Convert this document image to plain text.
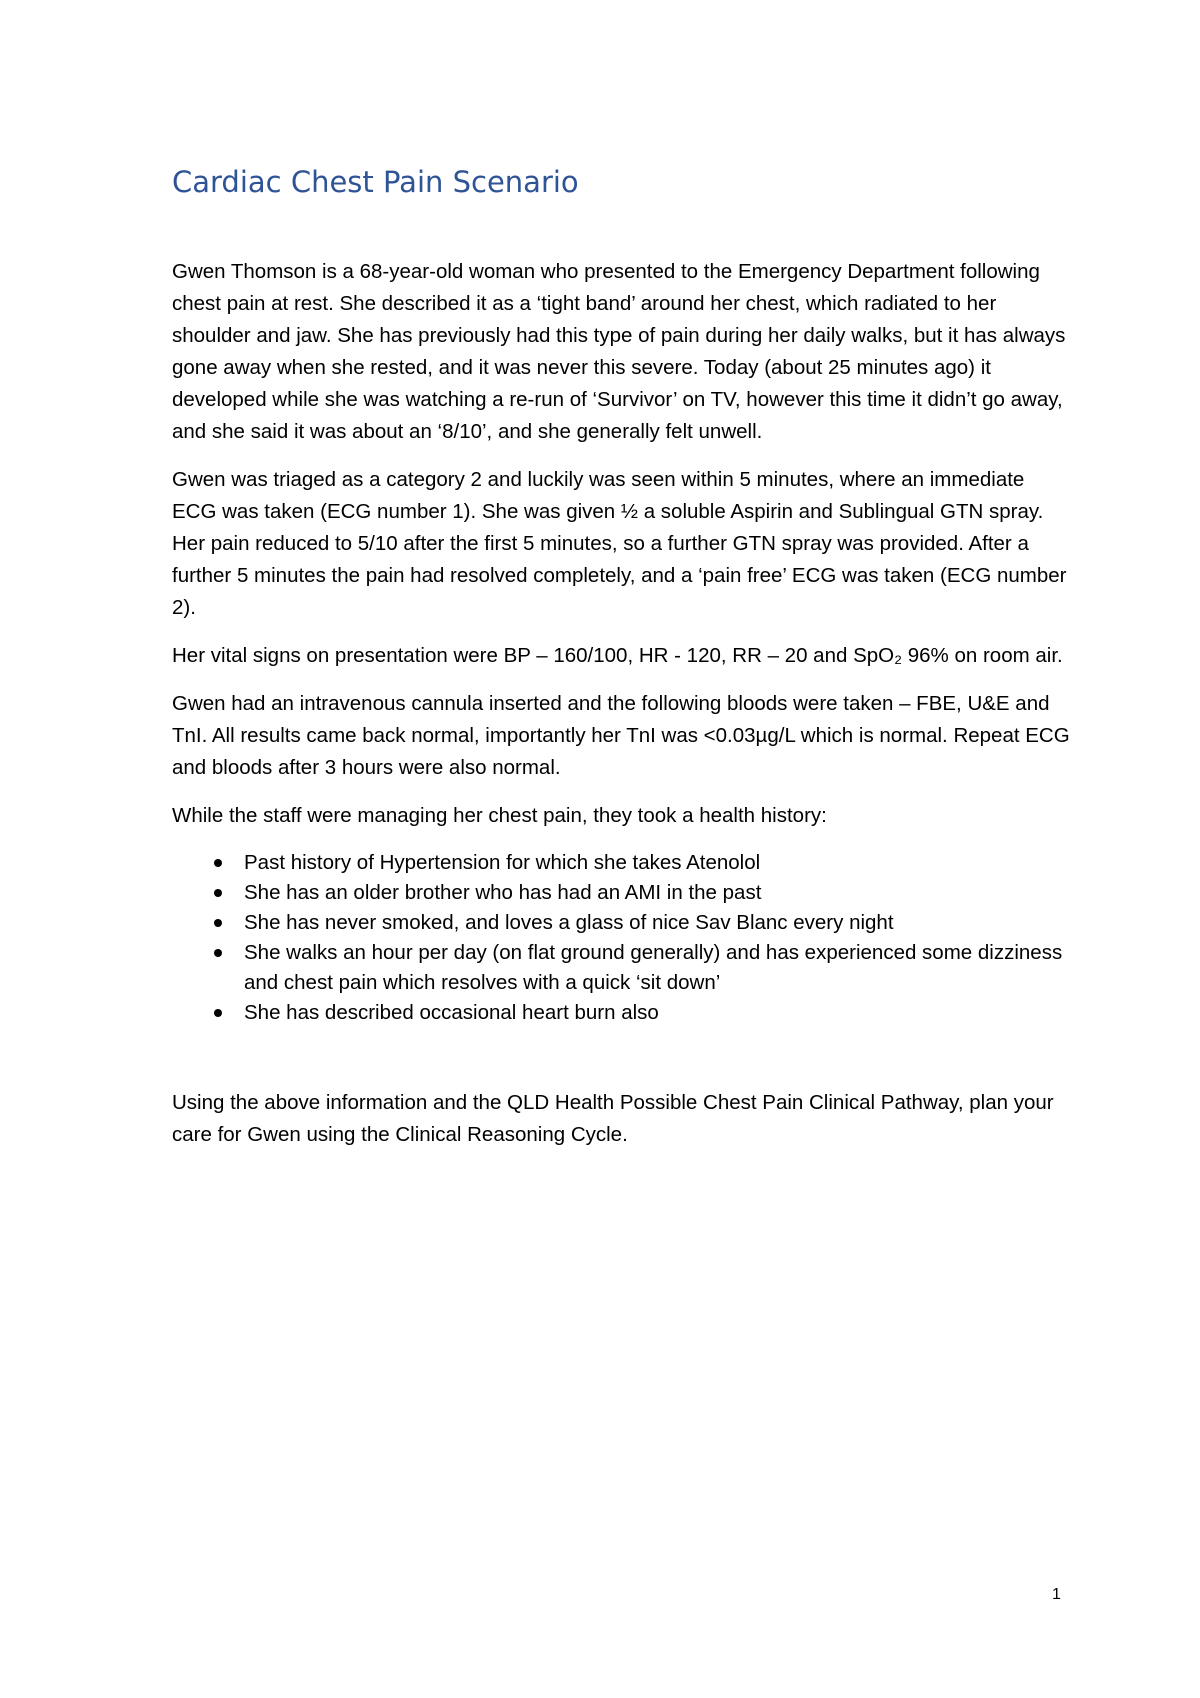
Cardiac Chest Pain Scenario

Gwen Thomson is a 68-year-old woman who presented to the Emergency Department following chest pain at rest. She described it as a ‘tight band’ around her chest, which radiated to her shoulder and jaw. She has previously had this type of pain during her daily walks, but it has always gone away when she rested, and it was never this severe. Today (about 25 minutes ago) it developed while she was watching a re-run of ‘Survivor’ on TV, however this time it didn’t go away, and she said it was about an ‘8/10’, and she generally felt unwell.

Gwen was triaged as a category 2 and luckily was seen within 5 minutes, where an immediate ECG was taken (ECG number 1). She was given ½ a soluble Aspirin and Sublingual GTN spray. Her pain reduced to 5/10 after the first 5 minutes, so a further GTN spray was provided. After a further 5 minutes the pain had resolved completely, and a ‘pain free’ ECG was taken (ECG number 2).

Her vital signs on presentation were BP – 160/100, HR - 120, RR – 20 and SpO₂ 96% on room air.

Gwen had an intravenous cannula inserted and the following bloods were taken – FBE, U&E and TnI. All results came back normal, importantly her TnI was <0.03µg/L which is normal. Repeat ECG and bloods after 3 hours were also normal.

While the staff were managing her chest pain, they took a health history:

Past history of Hypertension for which she takes Atenolol
She has an older brother who has had an AMI in the past
She has never smoked, and loves a glass of nice Sav Blanc every night
She walks an hour per day (on flat ground generally) and has experienced some dizziness and chest pain which resolves with a quick ‘sit down’
She has described occasional heart burn also

Using the above information and the QLD Health Possible Chest Pain Clinical Pathway, plan your care for Gwen using the Clinical Reasoning Cycle.

1
